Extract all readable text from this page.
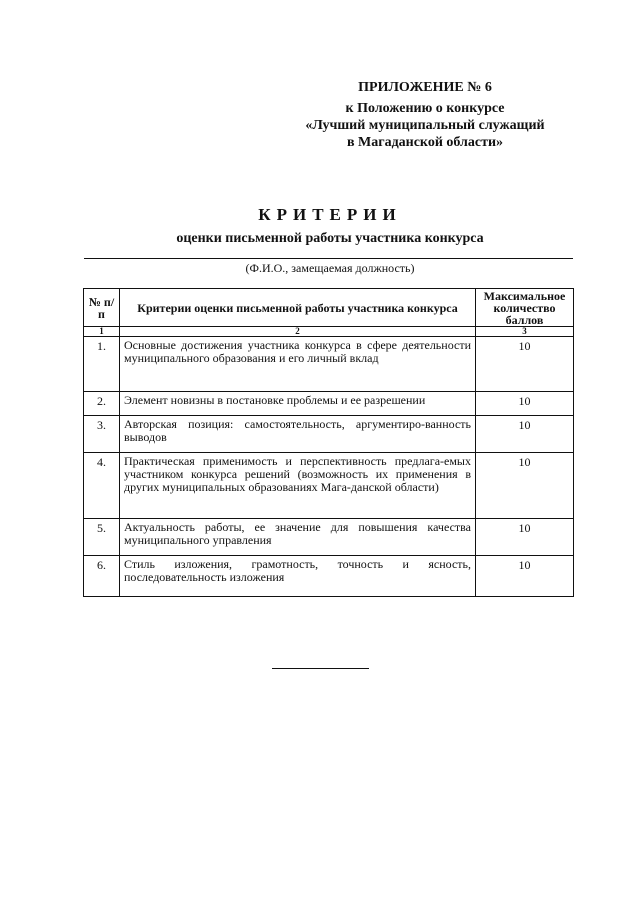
ПРИЛОЖЕНИЕ № 6
к Положению о конкурсе
«Лучший муниципальный служащий
в Магаданской области»
КРИТЕРИИ
оценки письменной работы участника конкурса
(Ф.И.О., замещаемая должность)
№ п/п	Критерии оценки письменной работы участника конкурса	Максимальное количество баллов
1	2	3
1.	Основные достижения участника конкурса в сфере деятельности муниципального образования и его личный вклад	10
2.	Элемент новизны в постановке проблемы и ее разрешении	10
3.	Авторская позиция: самостоятельность, аргументиро-ванность выводов	10
4.	Практическая применимость и перспективность предлага-емых участником конкурса решений (возможность их применения в других муниципальных образованиях Мага-данской области)	10
5.	Актуальность работы, ее значение для повышения качества муниципального управления	10
6.	Стиль изложения, грамотность, точность и ясность, последовательность изложения	10
